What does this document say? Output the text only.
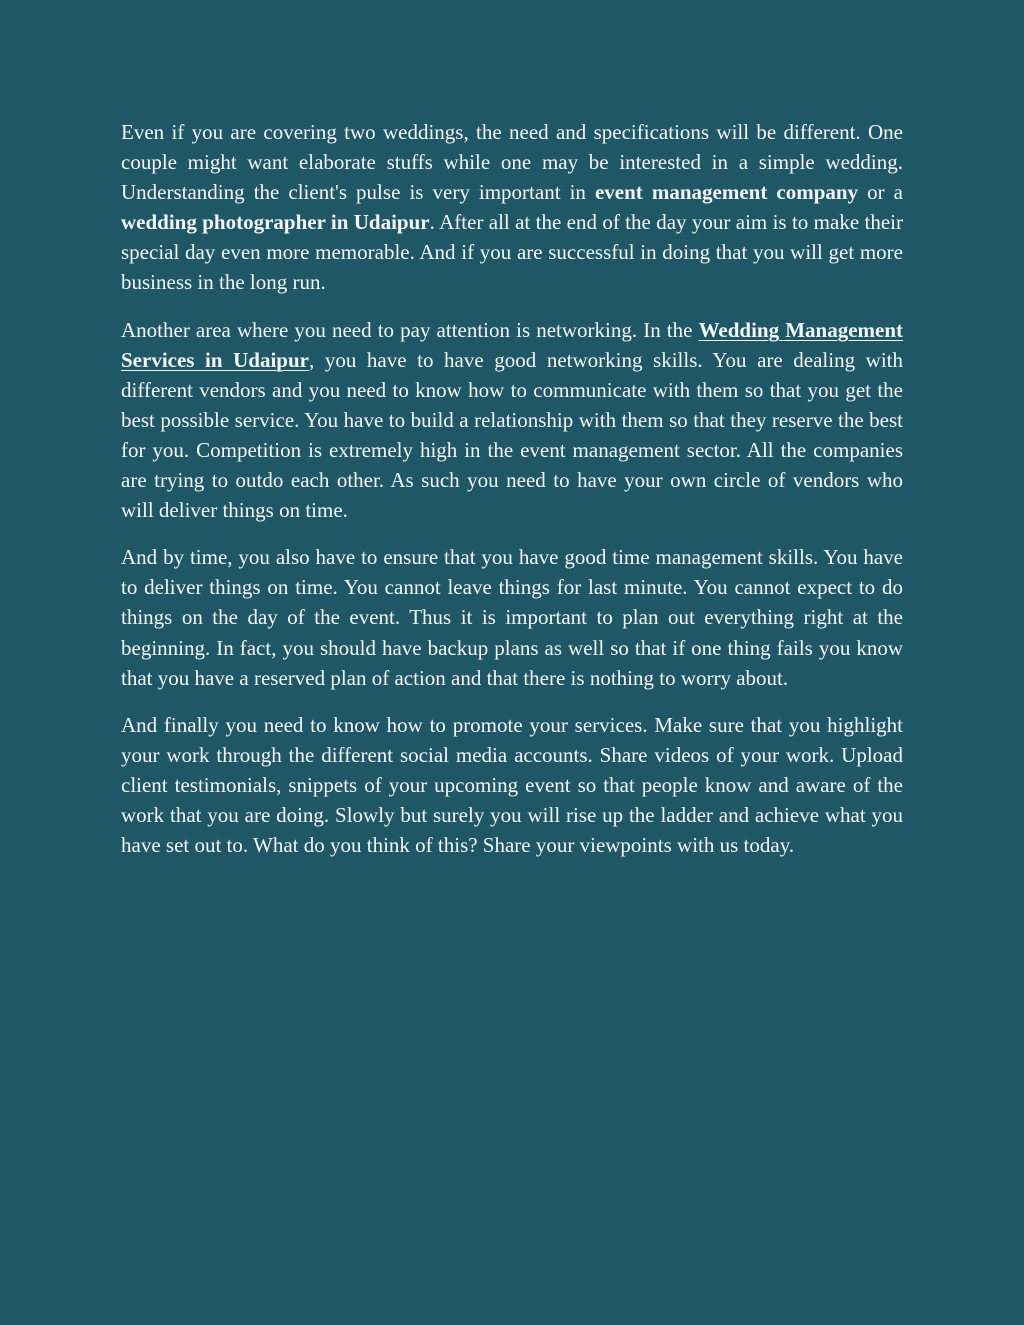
Even if you are covering two weddings, the need and specifications will be different. One couple might want elaborate stuffs while one may be interested in a simple wedding. Understanding the client's pulse is very important in event management company or a wedding photographer in Udaipur. After all at the end of the day your aim is to make their special day even more memorable. And if you are successful in doing that you will get more business in the long run.

Another area where you need to pay attention is networking. In the Wedding Management Services in Udaipur, you have to have good networking skills. You are dealing with different vendors and you need to know how to communicate with them so that you get the best possible service. You have to build a relationship with them so that they reserve the best for you. Competition is extremely high in the event management sector. All the companies are trying to outdo each other. As such you need to have your own circle of vendors who will deliver things on time.

And by time, you also have to ensure that you have good time management skills. You have to deliver things on time. You cannot leave things for last minute. You cannot expect to do things on the day of the event. Thus it is important to plan out everything right at the beginning. In fact, you should have backup plans as well so that if one thing fails you know that you have a reserved plan of action and that there is nothing to worry about.

And finally you need to know how to promote your services. Make sure that you highlight your work through the different social media accounts. Share videos of your work. Upload client testimonials, snippets of your upcoming event so that people know and aware of the work that you are doing. Slowly but surely you will rise up the ladder and achieve what you have set out to. What do you think of this? Share your viewpoints with us today.
